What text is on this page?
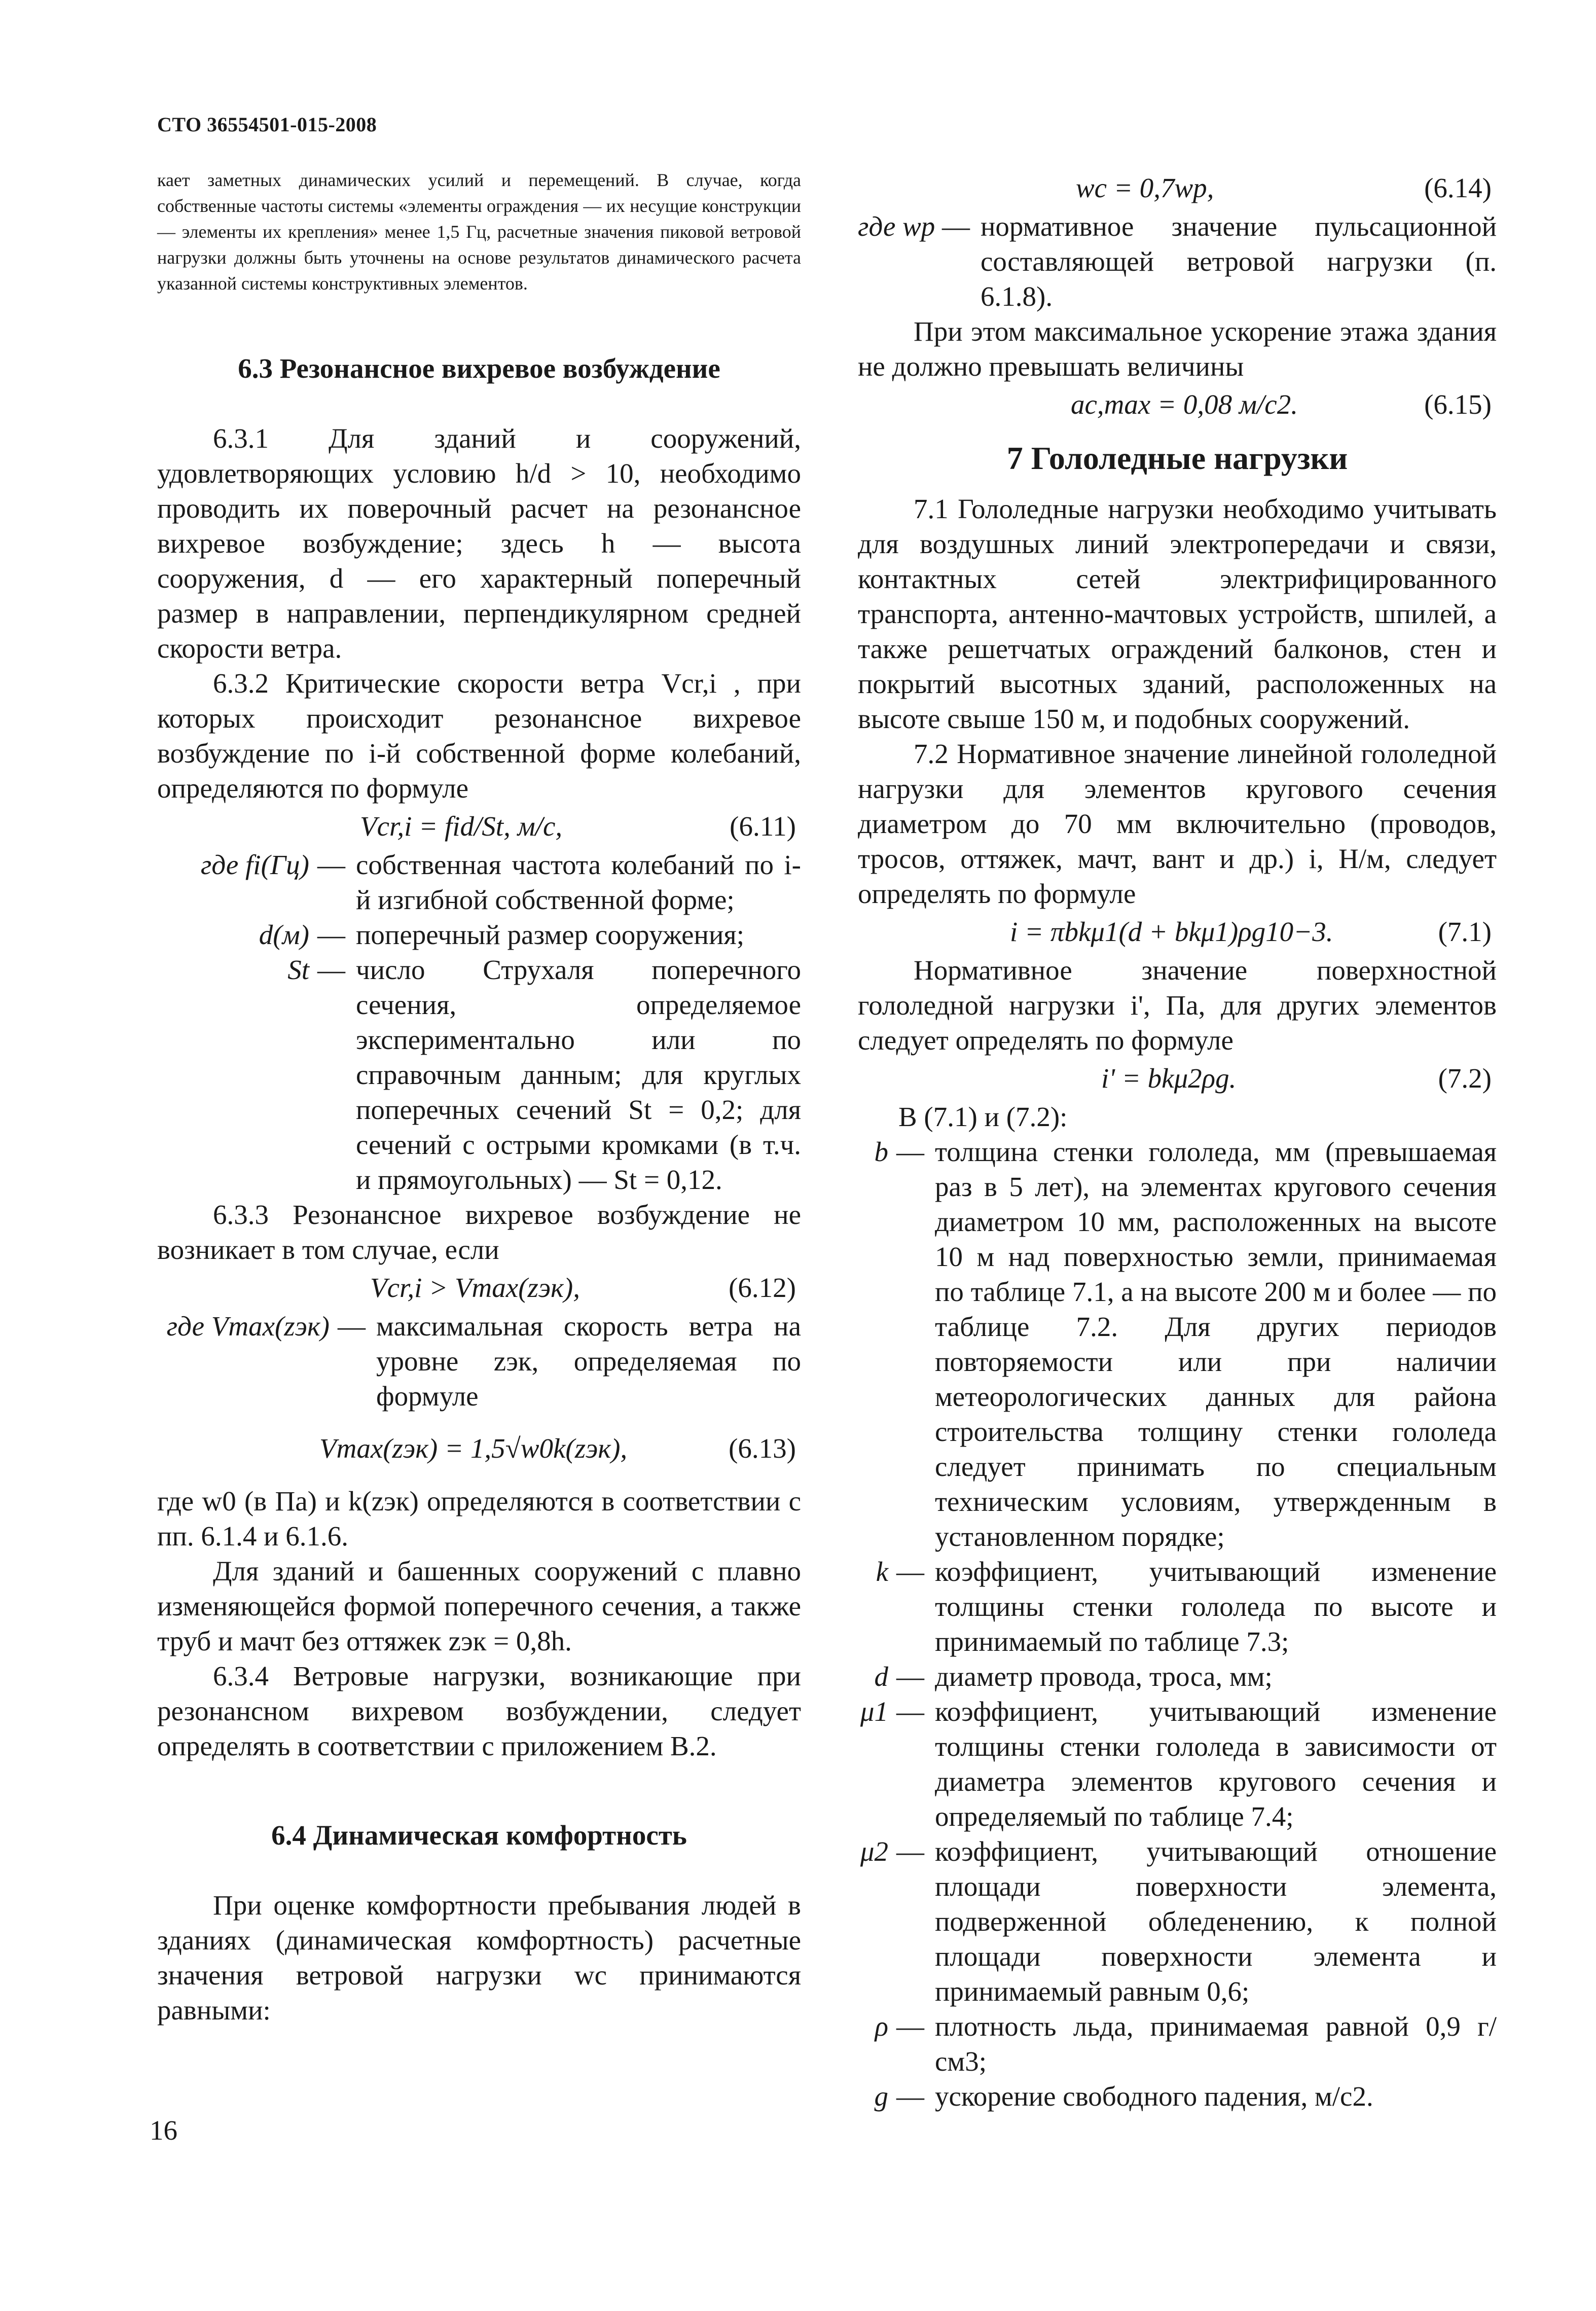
СТО 36554501-015-2008

кает заметных динамических усилий и перемещений. В случае, когда собственные частоты системы «элементы ограждения — их несущие конструкции — элементы их крепления» менее 1,5 Гц, расчетные значения пиковой ветровой нагрузки должны быть уточнены на основе результатов динамического расчета указанной системы конструктивных элементов.

6.3 Резонансное вихревое возбуждение

6.3.1 Для зданий и сооружений, удовлетворяющих условию h/d > 10, необходимо проводить их поверочный расчет на резонансное вихревое возбуждение; здесь h — высота сооружения, d — его характерный поперечный размер в направлении, перпендикулярном средней скорости ветра.

6.3.2 Критические скорости ветра Vcr,i , при которых происходит резонансное вихревое возбуждение по i-й собственной форме колебаний, определяются по формуле

Vcr,i = fid/St, м/с,	(6.11)
где fi(Гц) — собственная частота колебаний по i-й изгибной собственной форме;
d(м) — поперечный размер сооружения;
St — число Струхаля поперечного сечения, определяемое экспериментально или по справочным данным; для круглых поперечных сечений St = 0,2; для сечений с острыми кромками (в т.ч. и прямоугольных) — St = 0,12.

6.3.3 Резонансное вихревое возбуждение не возникает в том случае, если

Vcr,i > Vmax(zэк),	(6.12)
где Vmax(zэк) — максимальная скорость ветра на уровне zэк, определяемая по формуле
Vmax(zэк) = 1,5√w0k(zэк),	(6.13)

где w0 (в Па) и k(zэк) определяются в соответствии с пп. 6.1.4 и 6.1.6.

Для зданий и башенных сооружений с плавно изменяющейся формой поперечного сечения, а также труб и мачт без оттяжек zэк = 0,8h.

6.3.4 Ветровые нагрузки, возникающие при резонансном вихревом возбуждении, следует определять в соответствии с приложением В.2.

6.4 Динамическая комфортность

При оценке комфортности пребывания людей в зданиях (динамическая комфортность) расчетные значения ветровой нагрузки wc принимаются равными:

wc = 0,7wp,	(6.14)
где wp — нормативное значение пульсационной составляющей ветровой нагрузки (п. 6.1.8).

При этом максимальное ускорение этажа здания не должно превышать величины

ac,max = 0,08 м/с2.	(6.15)
7 Гололедные нагрузки

7.1 Гололедные нагрузки необходимо учитывать для воздушных линий электропередачи и связи, контактных сетей электрифицированного транспорта, антенно-мачтовых устройств, шпилей, а также решетчатых ограждений балконов, стен и покрытий высотных зданий, расположенных на высоте свыше 150 м, и подобных сооружений.

7.2 Нормативное значение линейной гололедной нагрузки для элементов кругового сечения диаметром до 70 мм включительно (проводов, тросов, оттяжек, мачт, вант и др.) i, Н/м, следует определять по формуле

i = πbkμ1(d + bkμ1)ρg10−3.	(7.1)

Нормативное значение поверхностной гололедной нагрузки i', Па, для других элементов следует определять по формуле

i' = bkμ2ρg.	(7.2)

В (7.1) и (7.2):

b — толщина стенки гололеда, мм (превышаемая раз в 5 лет), на элементах кругового сечения диаметром 10 мм, расположенных на высоте 10 м над поверхностью земли, принимаемая по таблице 7.1, а на высоте 200 м и более — по таблице 7.2. Для других периодов повторяемости или при наличии метеорологических данных для района строительства толщину стенки гололеда следует принимать по специальным техническим условиям, утвержденным в установленном порядке;
k — коэффициент, учитывающий изменение толщины стенки гололеда по высоте и принимаемый по таблице 7.3;
d — диаметр провода, троса, мм;
μ1 — коэффициент, учитывающий изменение толщины стенки гололеда в зависимости от диаметра элементов кругового сечения и определяемый по таблице 7.4;
μ2 — коэффициент, учитывающий отношение площади поверхности элемента, подверженной обледенению, к полной площади поверхности элемента и принимаемый равным 0,6;
ρ — плотность льда, принимаемая равной 0,9 г/см3;
g — ускорение свободного падения, м/с2.
16
